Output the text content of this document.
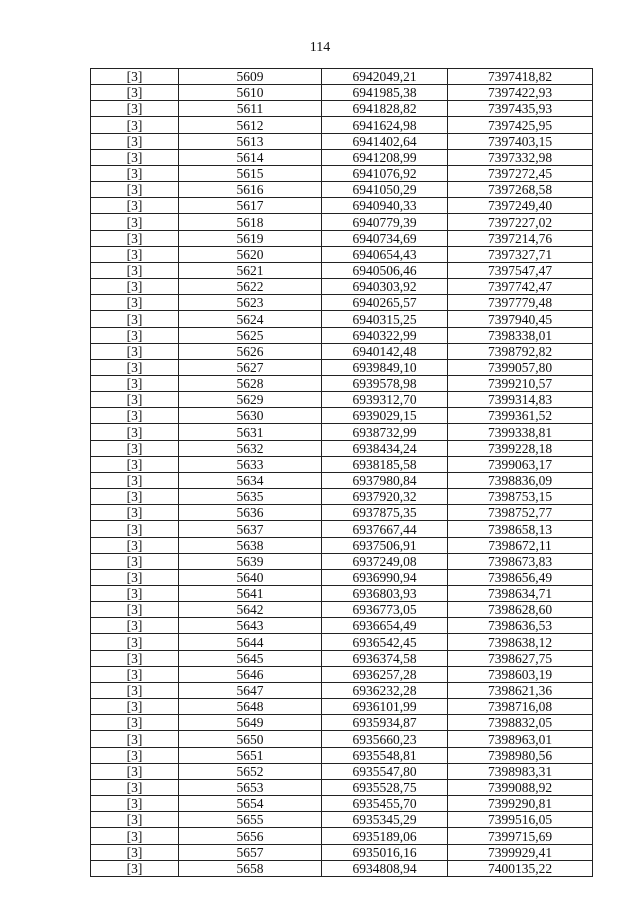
114
[3]	5609	6942049,21	7397418,82
[3]	5610	6941985,38	7397422,93
[3]	5611	6941828,82	7397435,93
[3]	5612	6941624,98	7397425,95
[3]	5613	6941402,64	7397403,15
[3]	5614	6941208,99	7397332,98
[3]	5615	6941076,92	7397272,45
[3]	5616	6941050,29	7397268,58
[3]	5617	6940940,33	7397249,40
[3]	5618	6940779,39	7397227,02
[3]	5619	6940734,69	7397214,76
[3]	5620	6940654,43	7397327,71
[3]	5621	6940506,46	7397547,47
[3]	5622	6940303,92	7397742,47
[3]	5623	6940265,57	7397779,48
[3]	5624	6940315,25	7397940,45
[3]	5625	6940322,99	7398338,01
[3]	5626	6940142,48	7398792,82
[3]	5627	6939849,10	7399057,80
[3]	5628	6939578,98	7399210,57
[3]	5629	6939312,70	7399314,83
[3]	5630	6939029,15	7399361,52
[3]	5631	6938732,99	7399338,81
[3]	5632	6938434,24	7399228,18
[3]	5633	6938185,58	7399063,17
[3]	5634	6937980,84	7398836,09
[3]	5635	6937920,32	7398753,15
[3]	5636	6937875,35	7398752,77
[3]	5637	6937667,44	7398658,13
[3]	5638	6937506,91	7398672,11
[3]	5639	6937249,08	7398673,83
[3]	5640	6936990,94	7398656,49
[3]	5641	6936803,93	7398634,71
[3]	5642	6936773,05	7398628,60
[3]	5643	6936654,49	7398636,53
[3]	5644	6936542,45	7398638,12
[3]	5645	6936374,58	7398627,75
[3]	5646	6936257,28	7398603,19
[3]	5647	6936232,28	7398621,36
[3]	5648	6936101,99	7398716,08
[3]	5649	6935934,87	7398832,05
[3]	5650	6935660,23	7398963,01
[3]	5651	6935548,81	7398980,56
[3]	5652	6935547,80	7398983,31
[3]	5653	6935528,75	7399088,92
[3]	5654	6935455,70	7399290,81
[3]	5655	6935345,29	7399516,05
[3]	5656	6935189,06	7399715,69
[3]	5657	6935016,16	7399929,41
[3]	5658	6934808,94	7400135,22
